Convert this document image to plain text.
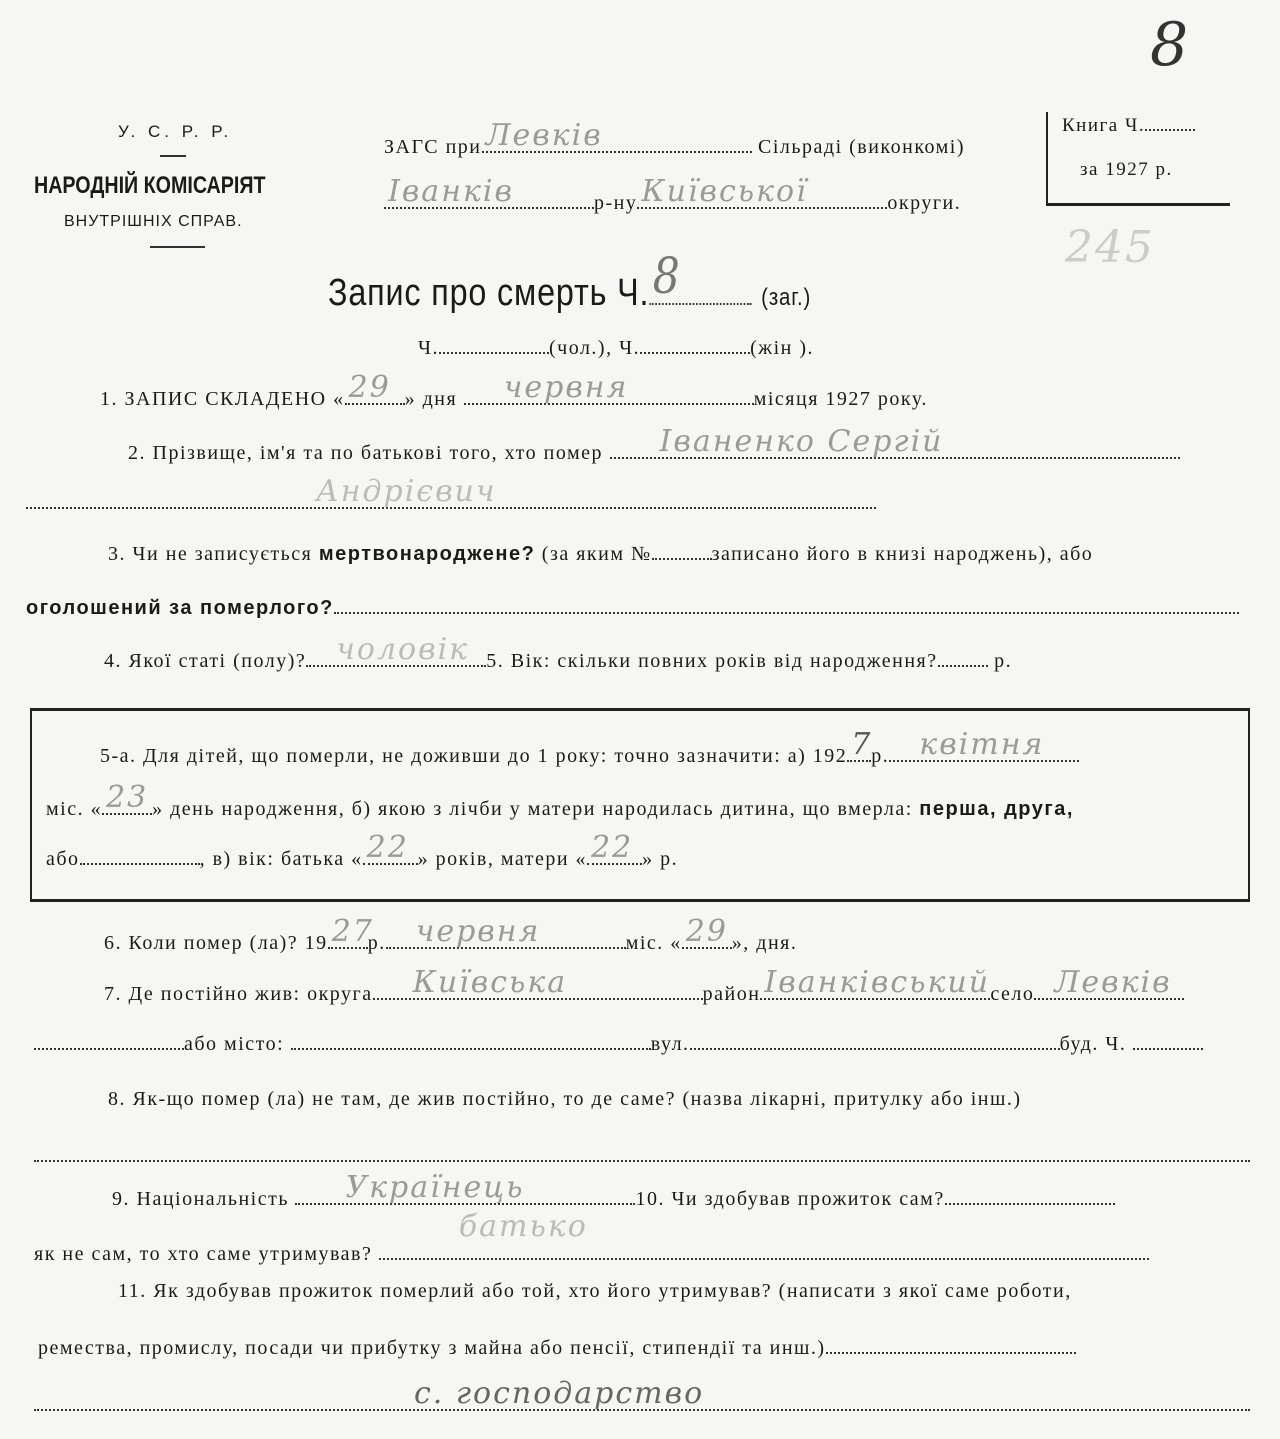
8
245
У. С. Р. Р.
НАРОДНІЙ КОМІСАРІЯТ
ВНУТРІШНІХ СПРАВ.
ЗАГС при Левків	Сільраді (виконкомі)
Іванків	р-ну Київської	округи.
Книга Ч.
за 1927 р.
Запис про смерть Ч. 8	(заг.)
Ч.	(чол.), Ч.	(жін ).
1. ЗАПИС СКЛАДЕНО « 29 » дня червня	місяця 1927 року.
2. Прізвище, ім'я та по батькові того, хто помер Іваненко Сергій
Андрієвич
3. Чи не записується мертвонароджене? (за яким №	записано його в книзі народжень), або
оголошений за померлого?
4. Якої статі (полу)? чоловік 5. Вік: скільки повних років від народження?	р.
5-а. Для дітей, що померли, не доживши до 1 року: точно зазначити: а) 192 7
р. квітня
міс. « 23 » день народження, б) якою з лічби у матери народилась дитина, що вмерла: перша, друга,
або	, в) вік: батька « 22 » років, матери « 22 » р.
6. Коли помер (ла)? 19 27
р. червня	міс. « 29 », дня.
7. Де постійно жив: округа Київська	район Іванківський село Левків
або місто:	вул.	буд. Ч.
8. Як-що помер (ла) не там, де жив постійно, то де саме? (назва лікарні, притулку або інш.)
9. Національність Українець	10. Чи здобував прожиток сам?
як не сам, то хто саме утримував?
батько
11. Як здобував прожиток померлий або той, хто його утримував? (написати з якої саме роботи,
ремества, промислу, посади чи прибутку з майна або пенсії, стипендії та инш.)
с. господарство
